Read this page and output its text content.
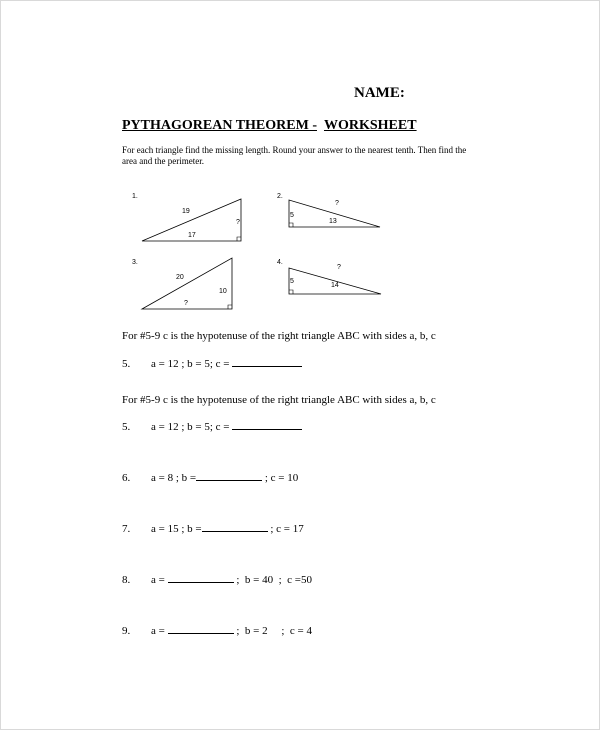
NAME:
PYTHAGOREAN THEOREM - WORKSHEET
For each triangle find the missing length. Round your answer to the nearest tenth. Then find the area and the perimeter.
1.
19
17
?
2.
5
13
?
3.
20
10
?
4.
5
14
?
For #5-9 c is the hypotenuse of the right triangle ABC with sides a, b, c
5. a = 12 ; b = 5; c =
For #5-9 c is the hypotenuse of the right triangle ABC with sides a, b, c
5. a = 12 ; b = 5; c =
6. a = 8 ; b =	; c = 10
7. a = 15 ; b =	; c = 17
8. a =	;  b = 40  ;  c =50
9. a =	;  b = 2     ;  c = 4
